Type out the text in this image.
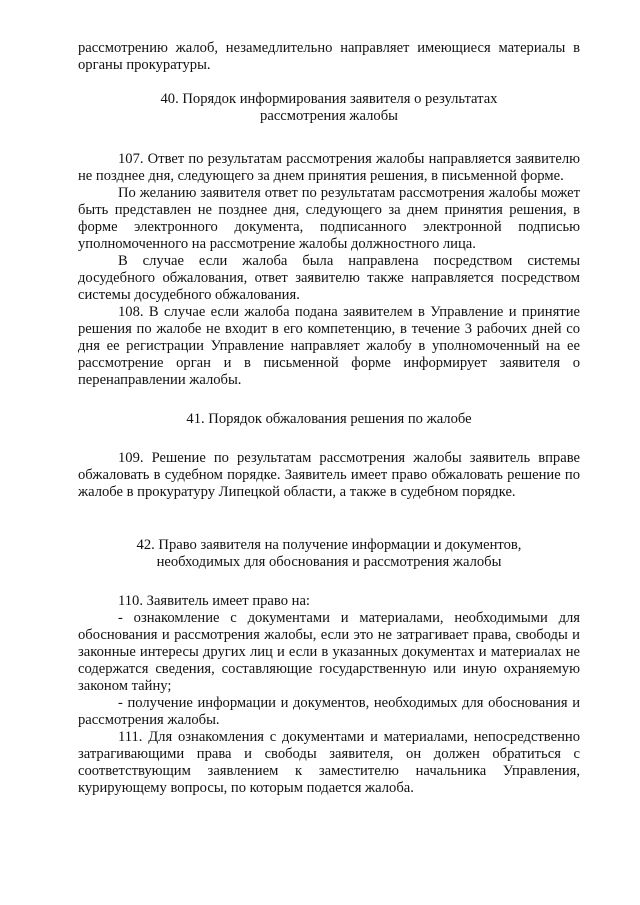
рассмотрению жалоб, незамедлительно направляет имеющиеся материалы в органы прокуратуры.

40. Порядок информирования заявителя о результатах
рассмотрения жалобы

107. Ответ по результатам рассмотрения жалобы направляется заявителю не позднее дня, следующего за днем принятия решения, в письменной форме.

По желанию заявителя ответ по результатам рассмотрения жалобы может быть представлен не позднее дня, следующего за днем принятия решения, в форме электронного документа, подписанного электронной подписью уполномоченного на рассмотрение жалобы должностного лица.

В случае если жалоба была направлена посредством системы досудебного обжалования, ответ заявителю также направляется посредством системы досудебного обжалования.

108. В случае если жалоба подана заявителем в Управление и принятие решения по жалобе не входит в его компетенцию, в течение 3 рабочих дней со дня ее регистрации Управление направляет жалобу в уполномоченный на ее рассмотрение орган и в письменной форме информирует заявителя о перенаправлении жалобы.

41. Порядок обжалования решения по жалобе

109. Решение по результатам рассмотрения жалобы заявитель вправе обжаловать в судебном порядке. Заявитель имеет право обжаловать решение по жалобе в прокуратуру Липецкой области, а также в судебном порядке.

42. Право заявителя на получение информации и документов,
необходимых для обоснования и рассмотрения жалобы

110. Заявитель имеет право на:

- ознакомление с документами и материалами, необходимыми для обоснования и рассмотрения жалобы, если это не затрагивает права, свободы и законные интересы других лиц и если в указанных документах и материалах не содержатся сведения, составляющие государственную или иную охраняемую законом тайну;

- получение информации и документов, необходимых для обоснования и рассмотрения жалобы.

111. Для ознакомления с документами и материалами, непосредственно затрагивающими права и свободы заявителя, он должен обратиться с соответствующим заявлением к заместителю начальника Управления, курирующему вопросы, по которым подается жалоба.
